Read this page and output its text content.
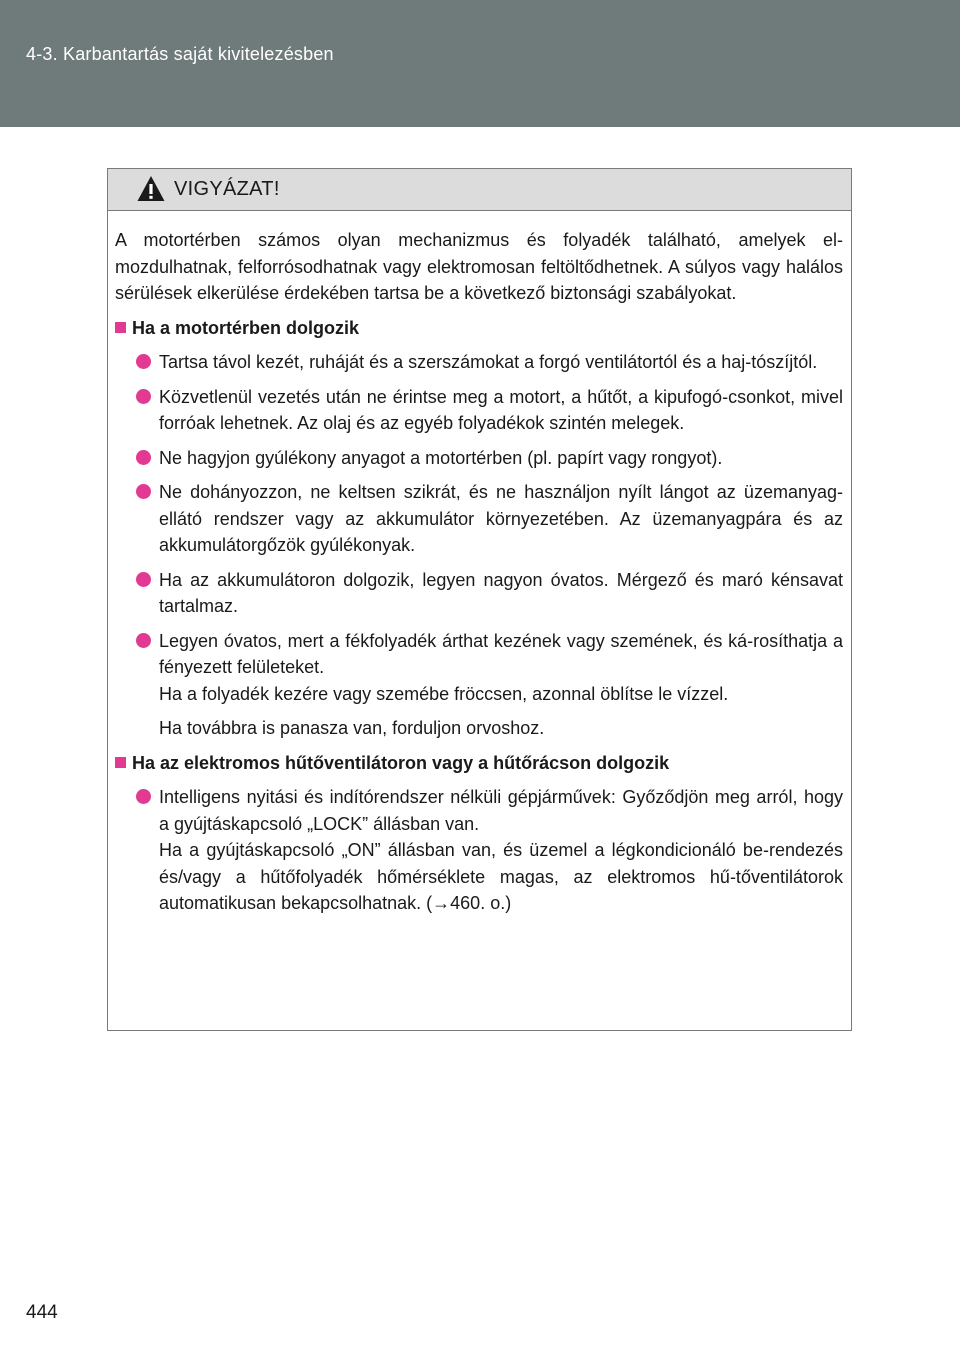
4-3. Karbantartás saját kivitelezésben
VIGYÁZAT!

A motortérben számos olyan mechanizmus és folyadék található, amelyek el-mozdulhatnak, felforrósodhatnak vagy elektromosan feltöltődhetnek. A súlyos vagy halálos sérülések elkerülése érdekében tartsa be a következő biztonsági szabályokat.

Ha a motortérben dolgozik
Tartsa távol kezét, ruháját és a szerszámokat a forgó ventilátortól és a haj-tószíjtól.
Közvetlenül vezetés után ne érintse meg a motort, a hűtőt, a kipufogó-csonkot, mivel forróak lehetnek. Az olaj és az egyéb folyadékok szintén melegek.
Ne hagyjon gyúlékony anyagot a motortérben (pl. papírt vagy rongyot).
Ne dohányozzon, ne keltsen szikrát, és ne használjon nyílt lángot az üzemanyag-ellátó rendszer vagy az akkumulátor környezetében. Az üzemanyagpára és az akkumulátorgőzök gyúlékonyak.
Ha az akkumulátoron dolgozik, legyen nagyon óvatos. Mérgező és maró kénsavat tartalmaz.
Legyen óvatos, mert a fékfolyadék árthat kezének vagy szemének, és ká-rosíthatja a fényezett felületeket.
Ha a folyadék kezére vagy szemébe fröccsen, azonnal öblítse le vízzel.

Ha továbbra is panasza van, forduljon orvoshoz.

Ha az elektromos hűtőventilátoron vagy a hűtőrácson dolgozik
Intelligens nyitási és indítórendszer nélküli gépjárművek: Győződjön meg arról, hogy a gyújtáskapcsoló „LOCK” állásban van.
Ha a gyújtáskapcsoló „ON” állásban van, és üzemel a légkondicionáló be-rendezés és/vagy a hűtőfolyadék hőmérséklete magas, az elektromos hű-tőventilátorok automatikusan bekapcsolhatnak. (→460. o.)
444
